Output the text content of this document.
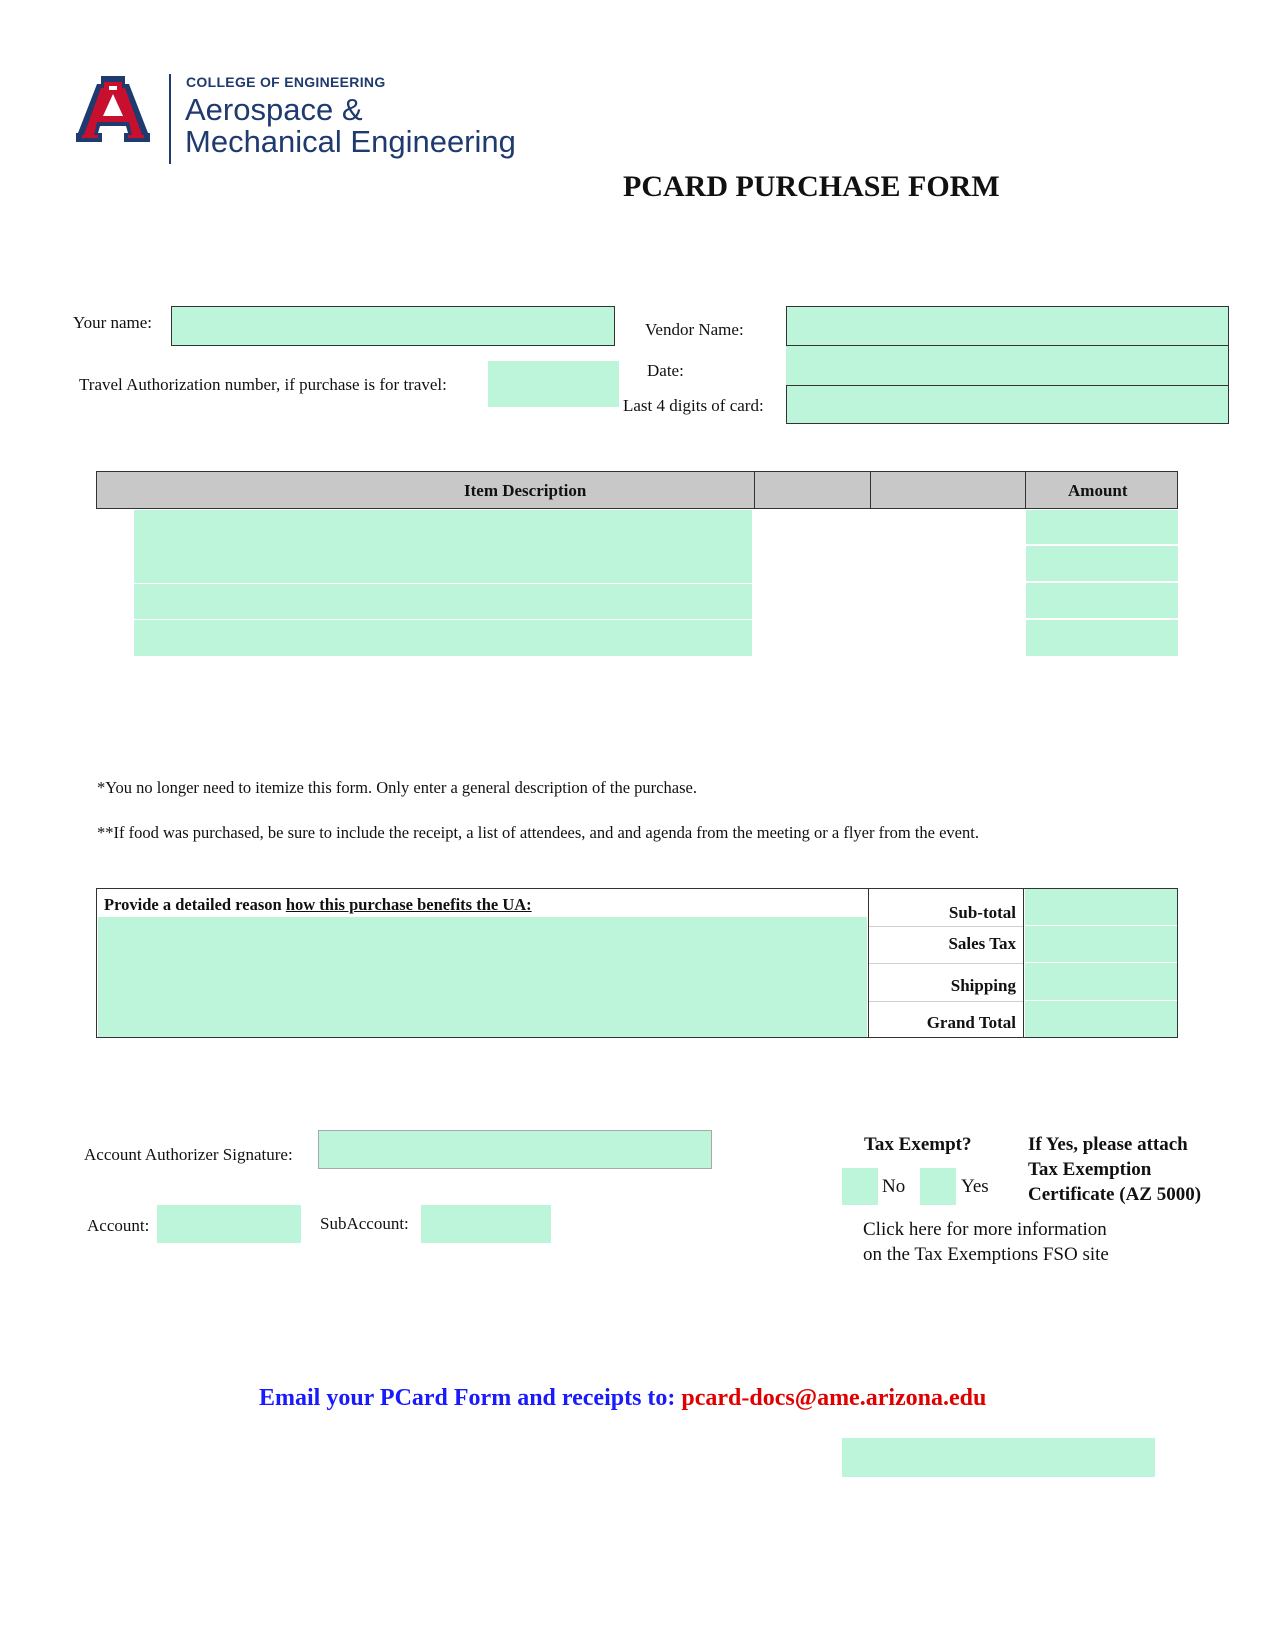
COLLEGE OF ENGINEERING
Aerospace &
Mechanical Engineering
PCARD PURCHASE FORM
Your name:
Travel Authorization number, if purchase is for travel:
Vendor Name:
Date:
Last 4 digits of card:
Item Description	Amount
*You no longer need to itemize this form. Only enter a general description of the purchase.
**If food was purchased, be sure to include the receipt, a list of attendees, and and agenda from the meeting or a flyer from the event.
Provide a detailed reason how this purchase benefits the UA:	Sub-total
Sales Tax
Shipping
Grand Total
Account Authorizer Signature:
Account:	SubAccount:
Tax Exempt?
No	Yes
If Yes, please attach
Tax Exemption
Certificate (AZ 5000)
Click here for more information
on the Tax Exemptions FSO site
Email your PCard Form and receipts to: pcard-docs@ame.arizona.edu
